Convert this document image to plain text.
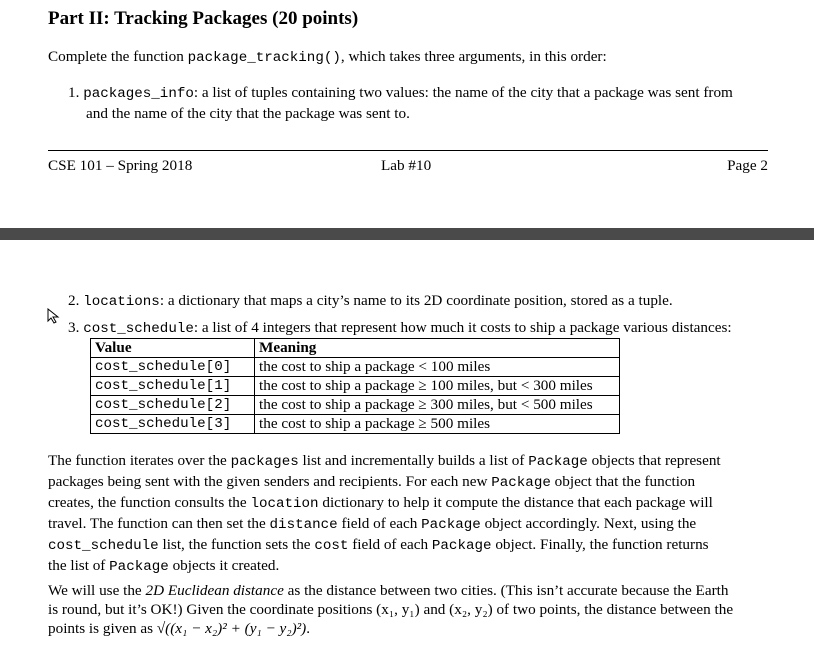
Part II: Tracking Packages (20 points)
Complete the function package_tracking(), which takes three arguments, in this order:
1. packages_info: a list of tuples containing two values: the name of the city that a package was sent from
and the name of the city that the package was sent to.
CSE 101 – Spring 2018	Lab #10	Page 2
2. locations: a dictionary that maps a city’s name to its 2D coordinate position, stored as a tuple.
3. cost_schedule: a list of 4 integers that represent how much it costs to ship a package various distances:
Value	Meaning
cost_schedule[0]	the cost to ship a package < 100 miles
cost_schedule[1]	the cost to ship a package ≥ 100 miles, but < 300 miles
cost_schedule[2]	the cost to ship a package ≥ 300 miles, but < 500 miles
cost_schedule[3]	the cost to ship a package ≥ 500 miles
The function iterates over the packages list and incrementally builds a list of Package objects that represent
packages being sent with the given senders and recipients. For each new Package object that the function
creates, the function consults the location dictionary to help it compute the distance that each package will
travel. The function can then set the distance field of each Package object accordingly. Next, using the
cost_schedule list, the function sets the cost field of each Package object. Finally, the function returns
the list of Package objects it created.
We will use the 2D Euclidean distance as the distance between two cities. (This isn’t accurate because the Earth
is round, but it’s OK!) Given the coordinate positions (x₁, y₁) and (x₂, y₂) of two points, the distance between the
points is given as √((x₁ − x₂)² + (y₁ − y₂)²).
